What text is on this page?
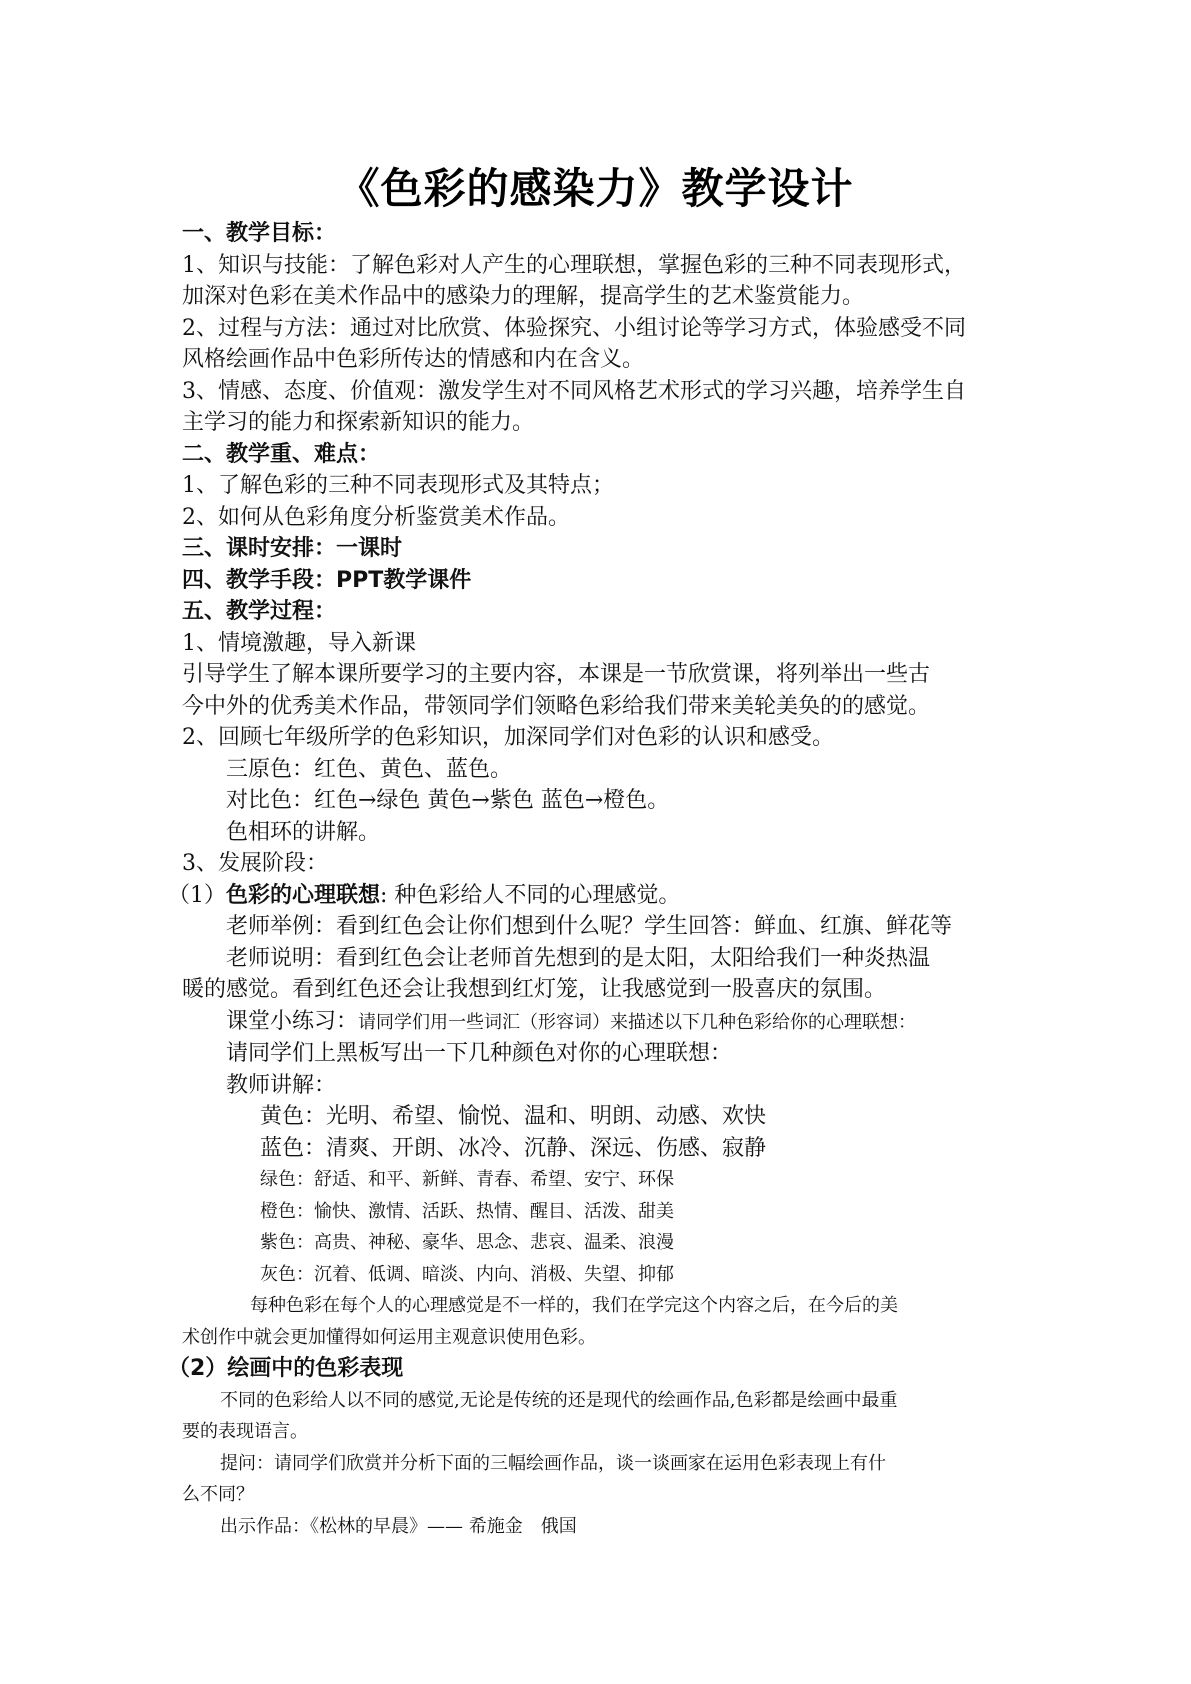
《色彩的感染力》教学设计
一、教学目标：
1、知识与技能：了解色彩对人产生的心理联想，掌握色彩的三种不同表现形式，
加深对色彩在美术作品中的感染力的理解，提高学生的艺术鉴赏能力。
2、过程与方法：通过对比欣赏、体验探究、小组讨论等学习方式，体验感受不同
风格绘画作品中色彩所传达的情感和内在含义。
3、情感、态度、价值观：激发学生对不同风格艺术形式的学习兴趣，培养学生自
主学习的能力和探索新知识的能力。
二、教学重、难点：
1、了解色彩的三种不同表现形式及其特点；
2、如何从色彩角度分析鉴赏美术作品。
三、课时安排：一课时
四、教学手段：PPT教学课件
五、教学过程：
1、情境激趣，导入新课
引导学生了解本课所要学习的主要内容，本课是一节欣赏课，将列举出一些古
今中外的优秀美术作品，带领同学们领略色彩给我们带来美轮美奂的的感觉。
2、回顾七年级所学的色彩知识，加深同学们对色彩的认识和感受。
三原色：红色、黄色、蓝色。
对比色：红色→绿色 黄色→紫色 蓝色→橙色。
色相环的讲解。
3、发展阶段：
（1）色彩的心理联想: 种色彩给人不同的心理感觉。
老师举例：看到红色会让你们想到什么呢？学生回答：鲜血、红旗、鲜花等
老师说明：看到红色会让老师首先想到的是太阳，太阳给我们一种炎热温
暖的感觉。看到红色还会让我想到红灯笼，让我感觉到一股喜庆的氛围。
课堂小练习：请同学们用一些词汇（形容词）来描述以下几种色彩给你的心理联想：
请同学们上黑板写出一下几种颜色对你的心理联想：
教师讲解：
黄色：光明、希望、愉悦、温和、明朗、动感、欢快
蓝色：清爽、开朗、冰冷、沉静、深远、伤感、寂静
绿色：舒适、和平、新鲜、青春、希望、安宁、环保
橙色：愉快、激情、活跃、热情、醒目、活泼、甜美
紫色：高贵、神秘、豪华、思念、悲哀、温柔、浪漫
灰色：沉着、低调、暗淡、内向、消极、失望、抑郁
每种色彩在每个人的心理感觉是不一样的，我们在学完这个内容之后，在今后的美
术创作中就会更加懂得如何运用主观意识使用色彩。
（2）绘画中的色彩表现
不同的色彩给人以不同的感觉,无论是传统的还是现代的绘画作品,色彩都是绘画中最重
要的表现语言。
提问：请同学们欣赏并分析下面的三幅绘画作品，谈一谈画家在运用色彩表现上有什
么不同？
出示作品：《松林的早晨》—— 希施金　俄国
